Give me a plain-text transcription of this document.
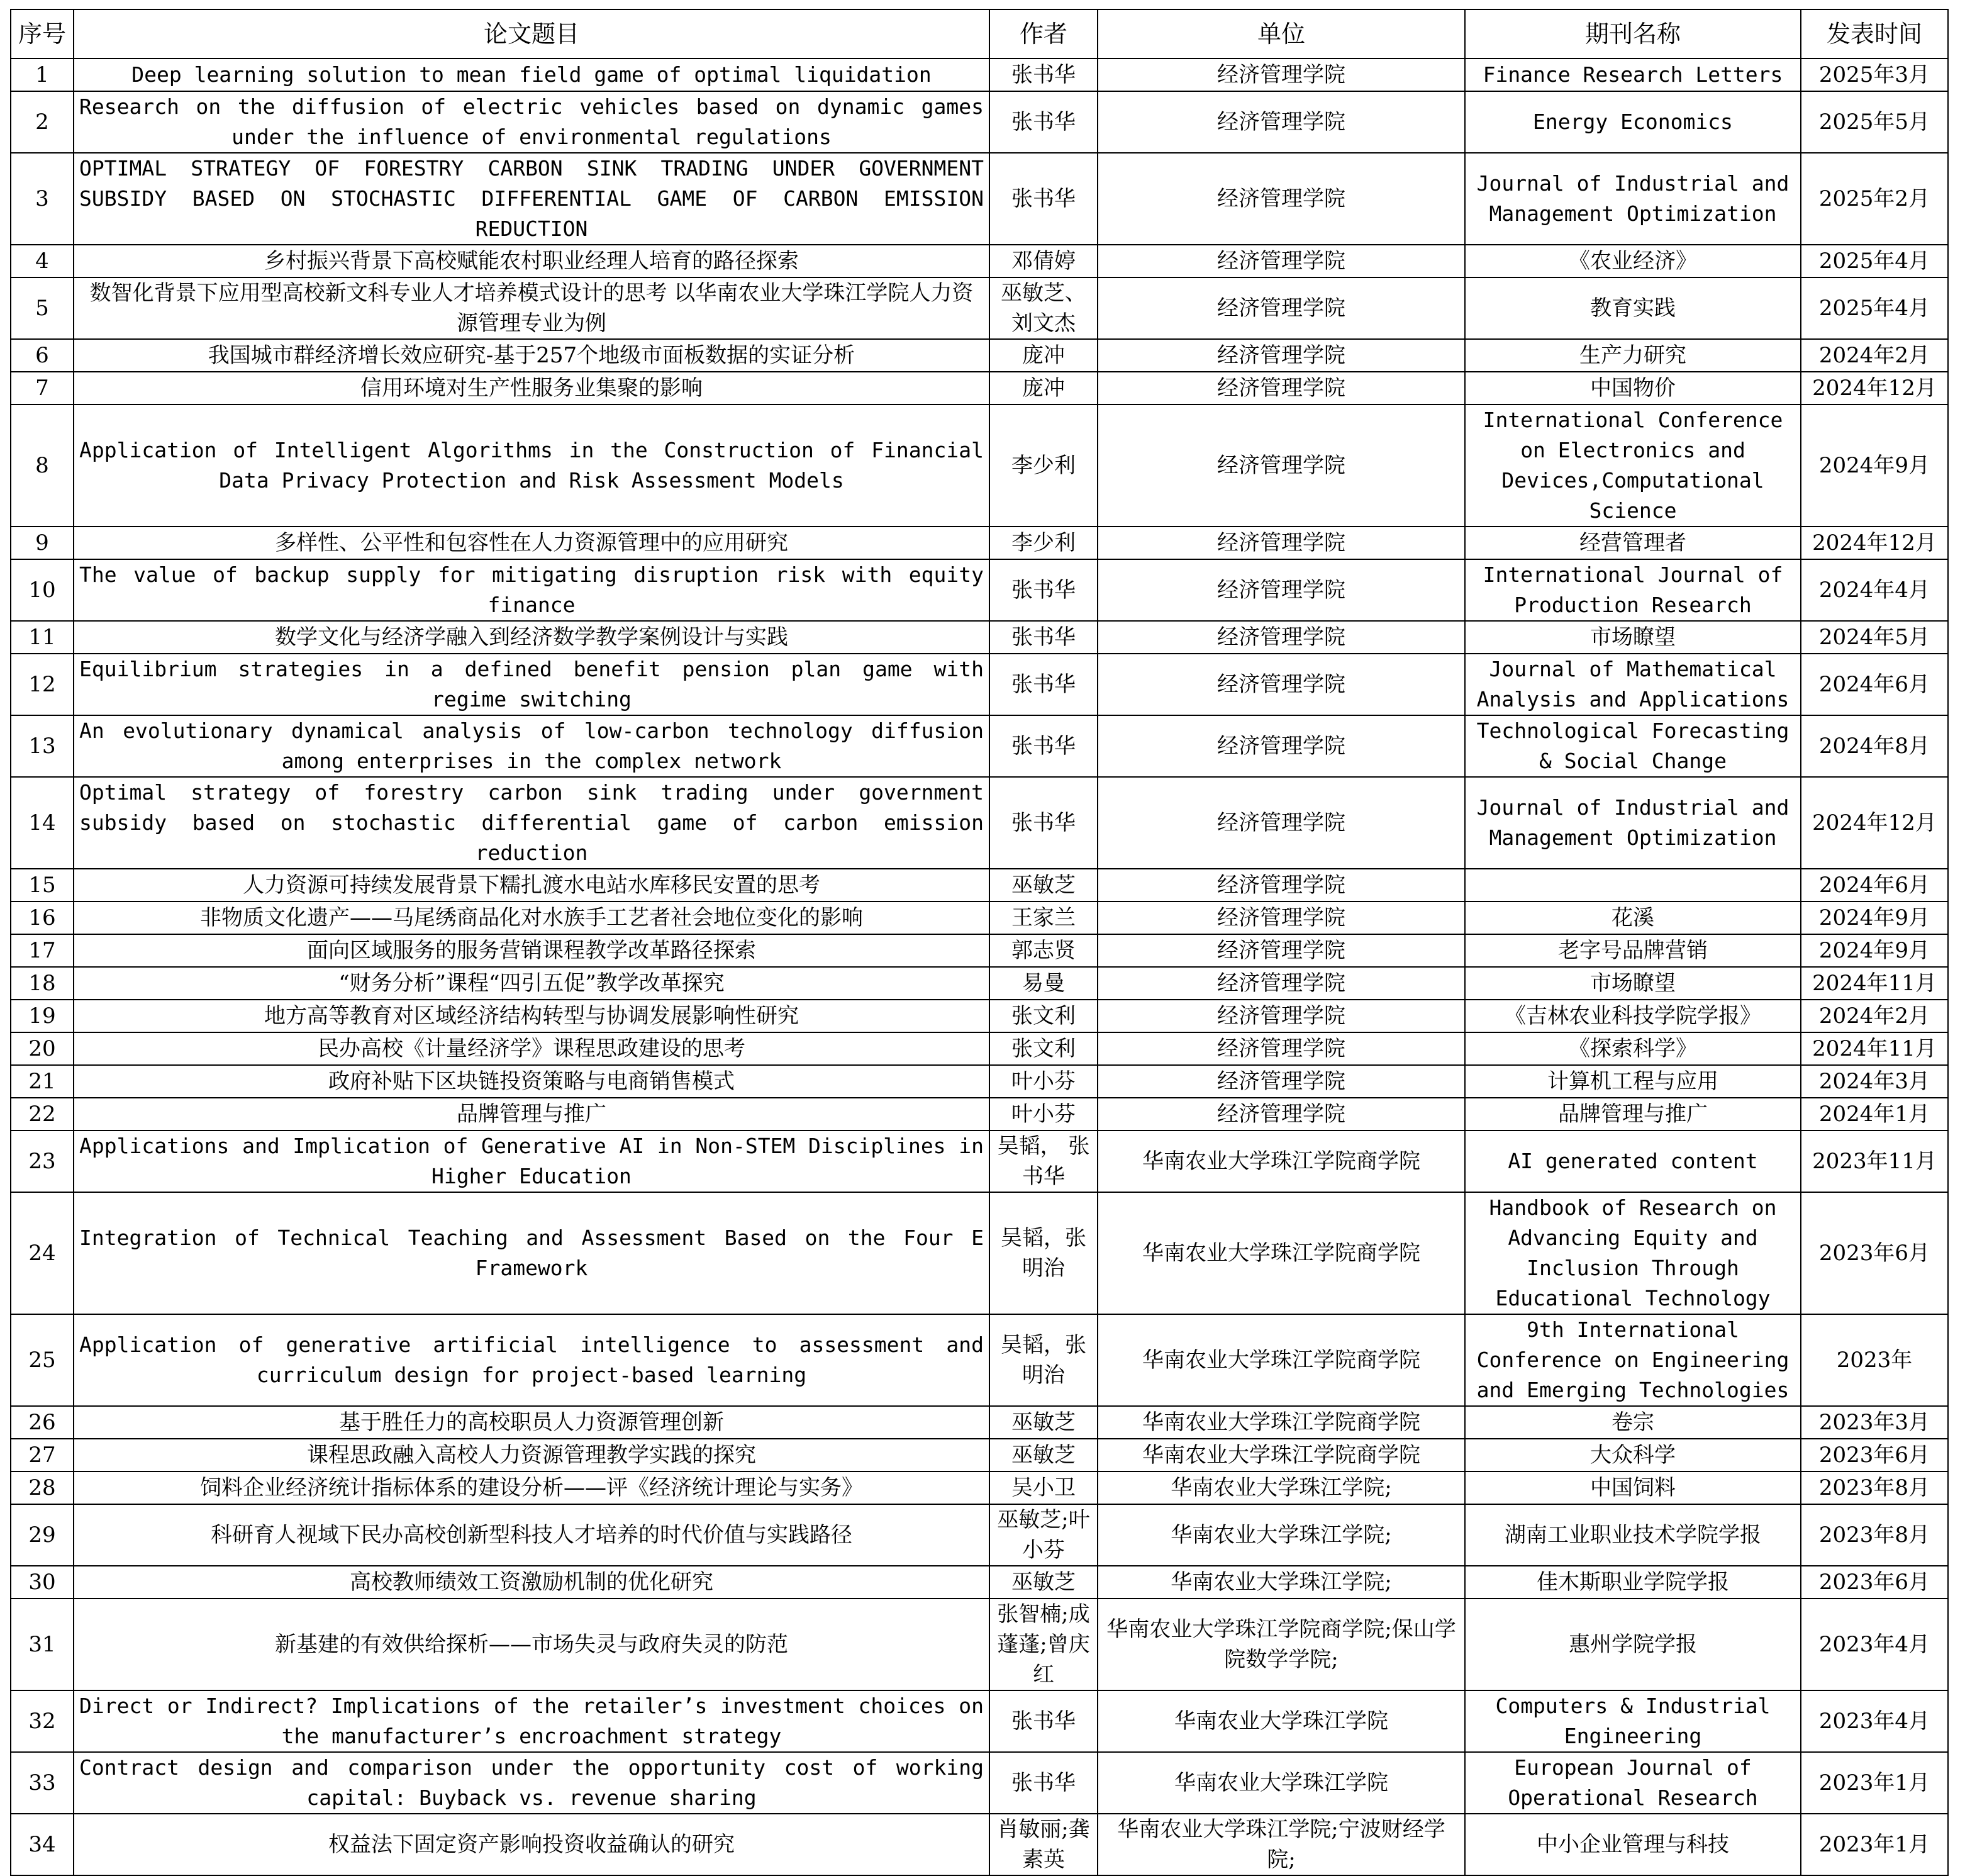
序号	论文题目	作者	单位	期刊名称	发表时间
1	Deep learning solution to mean field game of optimal liquidation	张书华	经济管理学院	Finance Research Letters	2025年3月
2	Research on the diffusion of electric vehicles based on dynamic games under the influence of environmental regulations	张书华	经济管理学院	Energy Economics	2025年5月
3	OPTIMAL STRATEGY OF FORESTRY CARBON SINK TRADING UNDER GOVERNMENT SUBSIDY BASED ON STOCHASTIC DIFFERENTIAL GAME OF CARBON EMISSION REDUCTION	张书华	经济管理学院	Journal of Industrial and Management Optimization	2025年2月
4	乡村振兴背景下高校赋能农村职业经理人培育的路径探索	邓倩婷	经济管理学院	《农业经济》	2025年4月
5	数智化背景下应用型高校新文科专业人才培养模式设计的思考 以华南农业大学珠江学院人力资源管理专业为例	巫敏芝、刘文杰	经济管理学院	教育实践	2025年4月
6	我国城市群经济增长效应研究-基于257个地级市面板数据的实证分析	庞冲	经济管理学院	生产力研究	2024年2月
7	信用环境对生产性服务业集聚的影响	庞冲	经济管理学院	中国物价	2024年12月
8	Application of Intelligent Algorithms in the Construction of Financial Data Privacy Protection and Risk Assessment Models	李少利	经济管理学院	International Conference on Electronics and Devices,Computational Science	2024年9月
9	多样性、公平性和包容性在人力资源管理中的应用研究	李少利	经济管理学院	经营管理者	2024年12月
10	The value of backup supply for mitigating disruption risk with equity finance	张书华	经济管理学院	International Journal of Production Research	2024年4月
11	数学文化与经济学融入到经济数学教学案例设计与实践	张书华	经济管理学院	市场瞭望	2024年5月
12	Equilibrium strategies in a defined benefit pension plan game with regime switching	张书华	经济管理学院	Journal of Mathematical Analysis and Applications	2024年6月
13	An evolutionary dynamical analysis of low-carbon technology diffusion among enterprises in the complex network	张书华	经济管理学院	Technological Forecasting & Social Change	2024年8月
14	Optimal strategy of forestry carbon sink trading under government subsidy based on stochastic differential game of carbon emission reduction	张书华	经济管理学院	Journal of Industrial and Management Optimization	2024年12月
15	人力资源可持续发展背景下糯扎渡水电站水库移民安置的思考	巫敏芝	经济管理学院		2024年6月
16	非物质文化遗产——马尾绣商品化对水族手工艺者社会地位变化的影响	王家兰	经济管理学院	花溪	2024年9月
17	面向区域服务的服务营销课程教学改革路径探索	郭志贤	经济管理学院	老字号品牌营销	2024年9月
18	“财务分析”课程“四引五促”教学改革探究	易曼	经济管理学院	市场瞭望	2024年11月
19	地方高等教育对区域经济结构转型与协调发展影响性研究	张文利	经济管理学院	《吉林农业科技学院学报》	2024年2月
20	民办高校《计量经济学》课程思政建设的思考	张文利	经济管理学院	《探索科学》	2024年11月
21	政府补贴下区块链投资策略与电商销售模式	叶小芬	经济管理学院	计算机工程与应用	2024年3月
22	品牌管理与推广	叶小芬	经济管理学院	品牌管理与推广	2024年1月
23	Applications and Implication of Generative AI in Non-STEM Disciplines in Higher Education	吴韬， 张书华	华南农业大学珠江学院商学院	AI generated content	2023年11月
24	Integration of Technical Teaching and Assessment Based on the Four E Framework	吴韬，张明治	华南农业大学珠江学院商学院	Handbook of Research on Advancing Equity and Inclusion Through Educational Technology	2023年6月
25	Application of generative artificial intelligence to assessment and curriculum design for project-based learning	吴韬，张明治	华南农业大学珠江学院商学院	9th International Conference on Engineering and Emerging Technologies	2023年
26	基于胜任力的高校职员人力资源管理创新	巫敏芝	华南农业大学珠江学院商学院	卷宗	2023年3月
27	课程思政融入高校人力资源管理教学实践的探究	巫敏芝	华南农业大学珠江学院商学院	大众科学	2023年6月
28	饲料企业经济统计指标体系的建设分析——评《经济统计理论与实务》	吴小卫	华南农业大学珠江学院;	中国饲料	2023年8月
29	科研育人视域下民办高校创新型科技人才培养的时代价值与实践路径	巫敏芝;叶小芬	华南农业大学珠江学院;	湖南工业职业技术学院学报	2023年8月
30	高校教师绩效工资激励机制的优化研究	巫敏芝	华南农业大学珠江学院;	佳木斯职业学院学报	2023年6月
31	新基建的有效供给探析——市场失灵与政府失灵的防范	张智楠;成蓬蓬;曾庆红	华南农业大学珠江学院商学院;保山学院数学学院;	惠州学院学报	2023年4月
32	Direct or Indirect? Implications of the retailer’s investment choices on the manufacturer’s encroachment strategy	张书华	华南农业大学珠江学院	Computers & Industrial Engineering	2023年4月
33	Contract design and comparison under the opportunity cost of working capital: Buyback vs. revenue sharing	张书华	华南农业大学珠江学院	European Journal of Operational Research	2023年1月
34	权益法下固定资产影响投资收益确认的研究	肖敏丽;龚素英	华南农业大学珠江学院;宁波财经学院;	中小企业管理与科技	2023年1月
